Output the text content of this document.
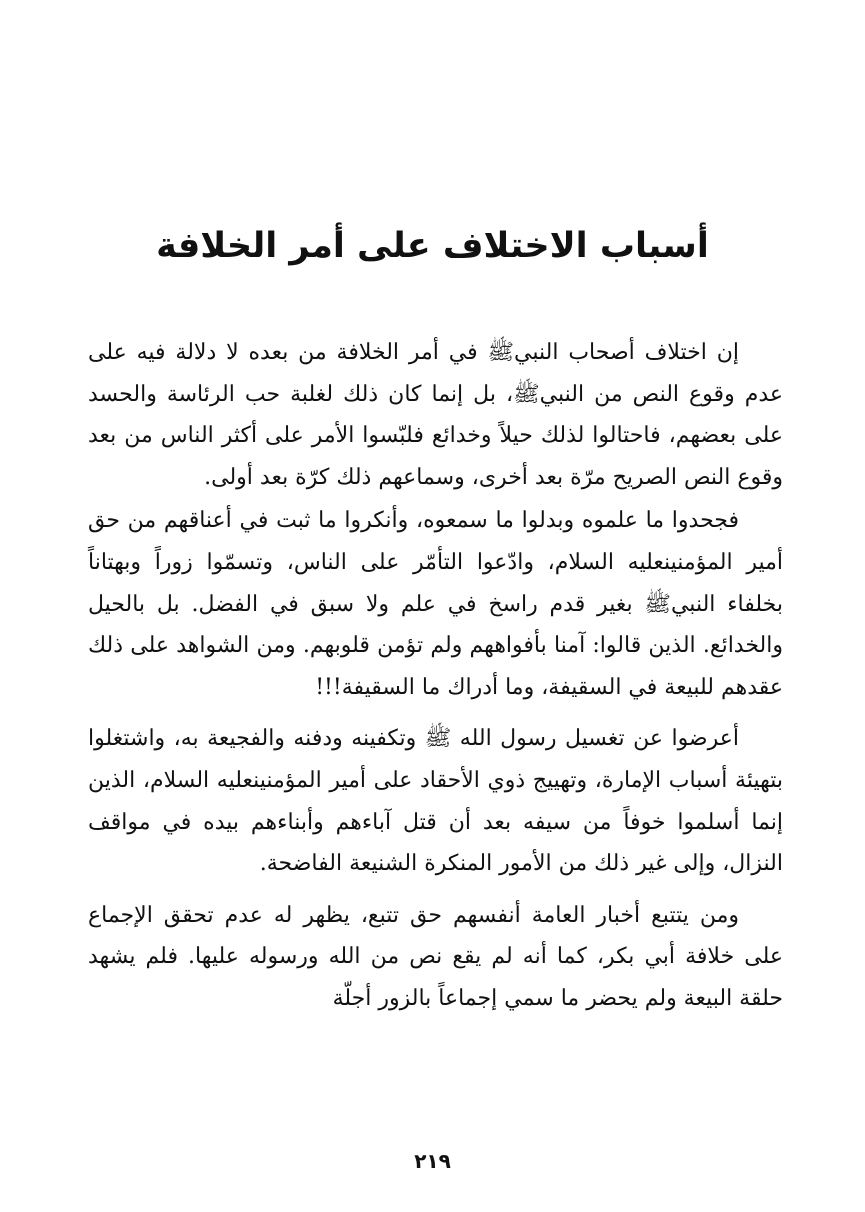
أسباب الاختلاف على أمر الخلافة

إن اختلاف أصحاب النبيﷺ في أمر الخلافة من بعده لا دلالة فيه على عدم وقوع النص من النبيﷺ، بل إنما كان ذلك لغلبة حب الرئاسة والحسد على بعضهم، فاحتالوا لذلك حيلاً وخدائع فلبّسوا الأمر على أكثر الناس من بعد وقوع النص الصريح مرّة بعد أخرى، وسماعهم ذلك كرّة بعد أولى.

فجحدوا ما علموه وبدلوا ما سمعوه، وأنكروا ما ثبت في أعناقهم من حق أمير المؤمنينعليه السلام، وادّعوا التأمّر على الناس، وتسمّوا زوراً وبهتاناً بخلفاء النبيﷺ بغير قدم راسخ في علم ولا سبق في الفضل. بل بالحيل والخدائع. الذين قالوا: آمنا بأفواههم ولم تؤمن قلوبهم. ومن الشواهد على ذلك عقدهم للبيعة في السقيفة، وما أدراك ما السقيفة!!!

أعرضوا عن تغسيل رسول الله ﷺ وتكفينه ودفنه والفجيعة به، واشتغلوا بتهيئة أسباب الإمارة، وتهييج ذوي الأحقاد على أمير المؤمنينعليه السلام، الذين إنما أسلموا خوفاً من سيفه بعد أن قتل آباءهم وأبناءهم بيده في مواقف النزال، وإلى غير ذلك من الأمور المنكرة الشنيعة الفاضحة.

ومن يتتبع أخبار العامة أنفسهم حق تتبع، يظهر له عدم تحقق الإجماع على خلافة أبي بكر، كما أنه لم يقع نص من الله ورسوله عليها. فلم يشهد حلقة البيعة ولم يحضر ما سمي إجماعاً بالزور أجلّة

٢١٩
